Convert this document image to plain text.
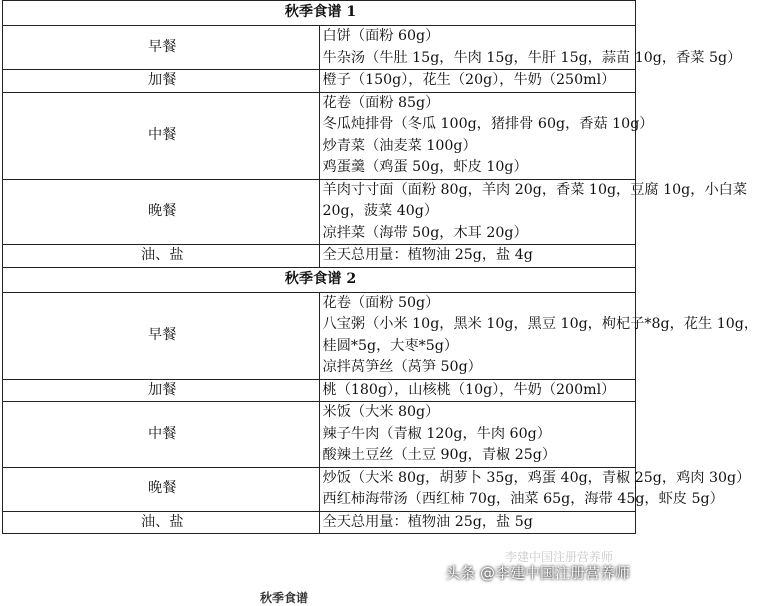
秋季食谱 1	
早餐	白饼（面粉 60g）
牛杂汤（牛肚 15g，牛肉 15g，牛肝 15g，蒜苗 10g，香菜 5g）

加餐	橙子（150g），花生（20g），牛奶（250ml）

中餐	花卷（面粉 85g）
冬瓜炖排骨（冬瓜 100g，猪排骨 60g，香菇 10g）
炒青菜（油麦菜 100g）
鸡蛋羹（鸡蛋 50g，虾皮 10g）

晚餐	羊肉寸寸面（面粉 80g，羊肉 20g，香菜 10g，豆腐 10g，小白菜
20g，菠菜 40g）
凉拌菜（海带 50g，木耳 20g）

油、盐	全天总用量：植物油 25g，盐 4g

秋季食谱 2	
早餐	花卷（面粉 50g）
八宝粥（小米 10g，黑米 10g，黑豆 10g，枸杞子*8g，花生 10g，
桂圆*5g，大枣*5g）
凉拌莴笋丝（莴笋 50g）

加餐	桃（180g），山核桃（10g），牛奶（200ml）

中餐	米饭（大米 80g）
辣子牛肉（青椒 120g，牛肉 60g）
酸辣土豆丝（土豆 90g，青椒 25g）

晚餐	炒饭（大米 80g，胡萝卜 35g，鸡蛋 40g，青椒 25g，鸡肉 30g）
西红柿海带汤（西红柿 70g，油菜 65g，海带 45g，虾皮 5g）

油、盐	全天总用量：植物油 25g，盐 5g
秋季食谱
李建中国注册营养师
头条 @李建中国注册营养师
